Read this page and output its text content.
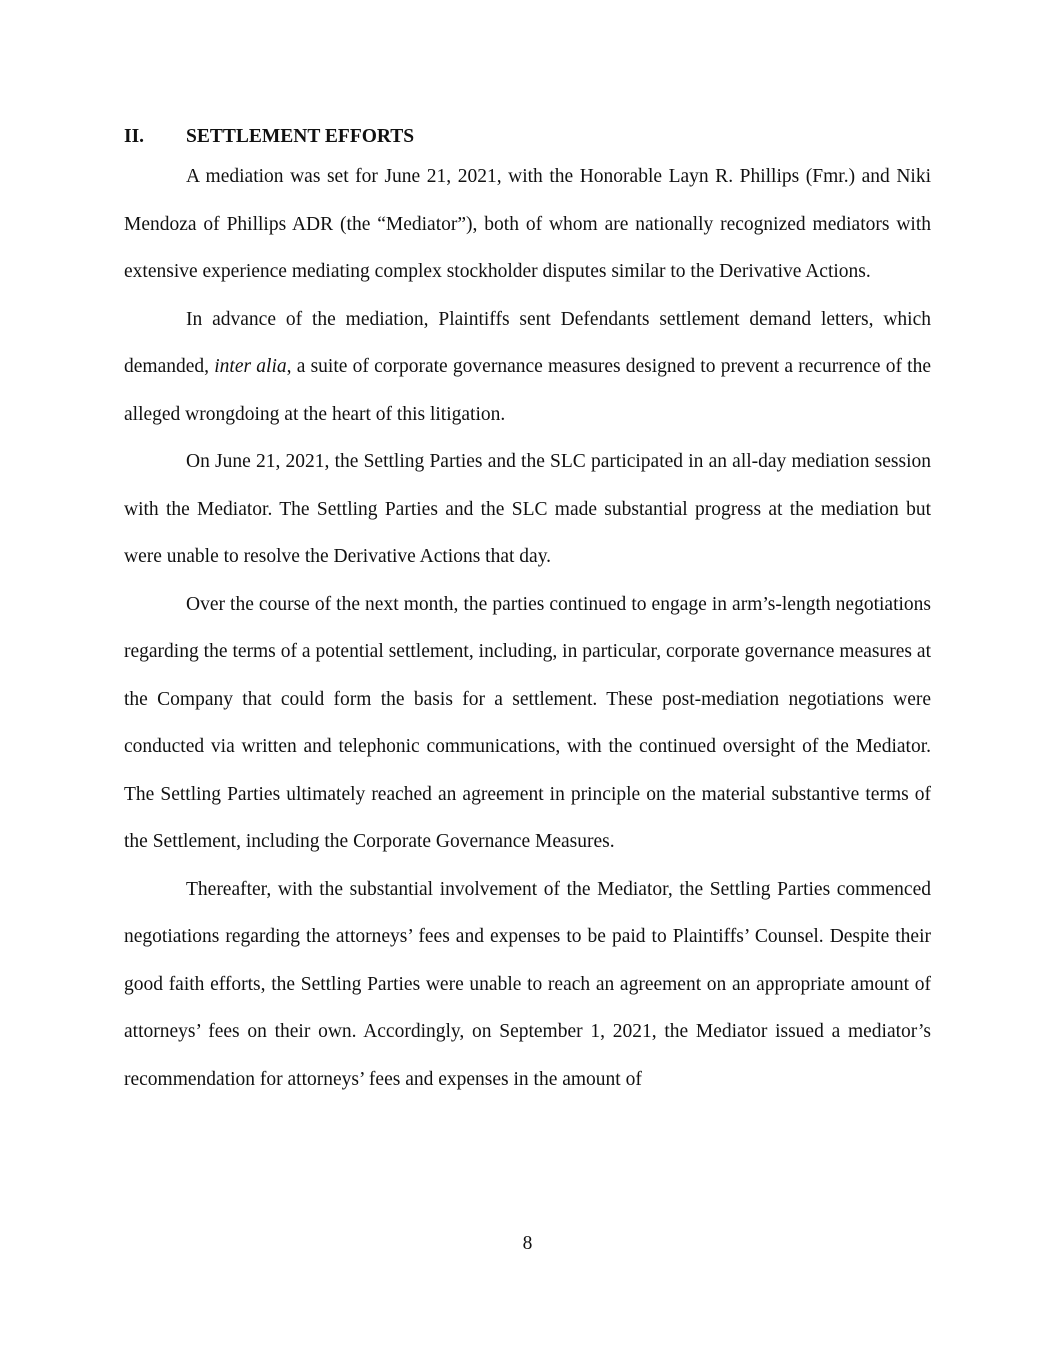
II. SETTLEMENT EFFORTS

A mediation was set for June 21, 2021, with the Honorable Layn R. Phillips (Fmr.) and Niki Mendoza of Phillips ADR (the “Mediator”), both of whom are nationally recognized mediators with extensive experience mediating complex stockholder disputes similar to the Derivative Actions.

In advance of the mediation, Plaintiffs sent Defendants settlement demand letters, which demanded, inter alia, a suite of corporate governance measures designed to prevent a recurrence of the alleged wrongdoing at the heart of this litigation.

On June 21, 2021, the Settling Parties and the SLC participated in an all-day mediation session with the Mediator. The Settling Parties and the SLC made substantial progress at the mediation but were unable to resolve the Derivative Actions that day.

Over the course of the next month, the parties continued to engage in arm’s-length negotiations regarding the terms of a potential settlement, including, in particular, corporate governance measures at the Company that could form the basis for a settlement. These post-mediation negotiations were conducted via written and telephonic communications, with the continued oversight of the Mediator. The Settling Parties ultimately reached an agreement in principle on the material substantive terms of the Settlement, including the Corporate Governance Measures.

Thereafter, with the substantial involvement of the Mediator, the Settling Parties commenced negotiations regarding the attorneys’ fees and expenses to be paid to Plaintiffs’ Counsel. Despite their good faith efforts, the Settling Parties were unable to reach an agreement on an appropriate amount of attorneys’ fees on their own. Accordingly, on September 1, 2021, the Mediator issued a mediator’s recommendation for attorneys’ fees and expenses in the amount of

8
